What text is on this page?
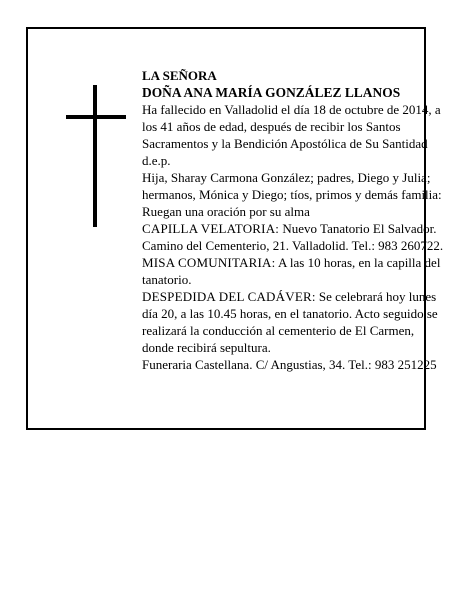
LA SEÑORA

DOÑA ANA MARÍA GONZÁLEZ LLANOS

Ha fallecido en Valladolid el día 18 de octubre de 2014, a los 41 años de edad, después de recibir los Santos Sacramentos y la Bendición Apostólica de Su Santidad
d.e.p.

Hija, Sharay Carmona González; padres, Diego y Julia; hermanos, Mónica y Diego; tíos, primos y demás familia:

Ruegan una oración por su alma

CAPILLA VELATORIA: Nuevo Tanatorio El Salvador. Camino del Cementerio, 21. Valladolid. Tel.: 983 260722. MISA COMUNITARIA: A las 10 horas, en la capilla del tanatorio.

DESPEDIDA DEL CADÁVER: Se celebrará hoy lunes día 20, a las 10.45 horas, en el tanatorio. Acto seguido se realizará la conducción al cementerio de El Carmen, donde recibirá sepultura.

Funeraria Castellana. C/ Angustias, 34. Tel.: 983 251225
